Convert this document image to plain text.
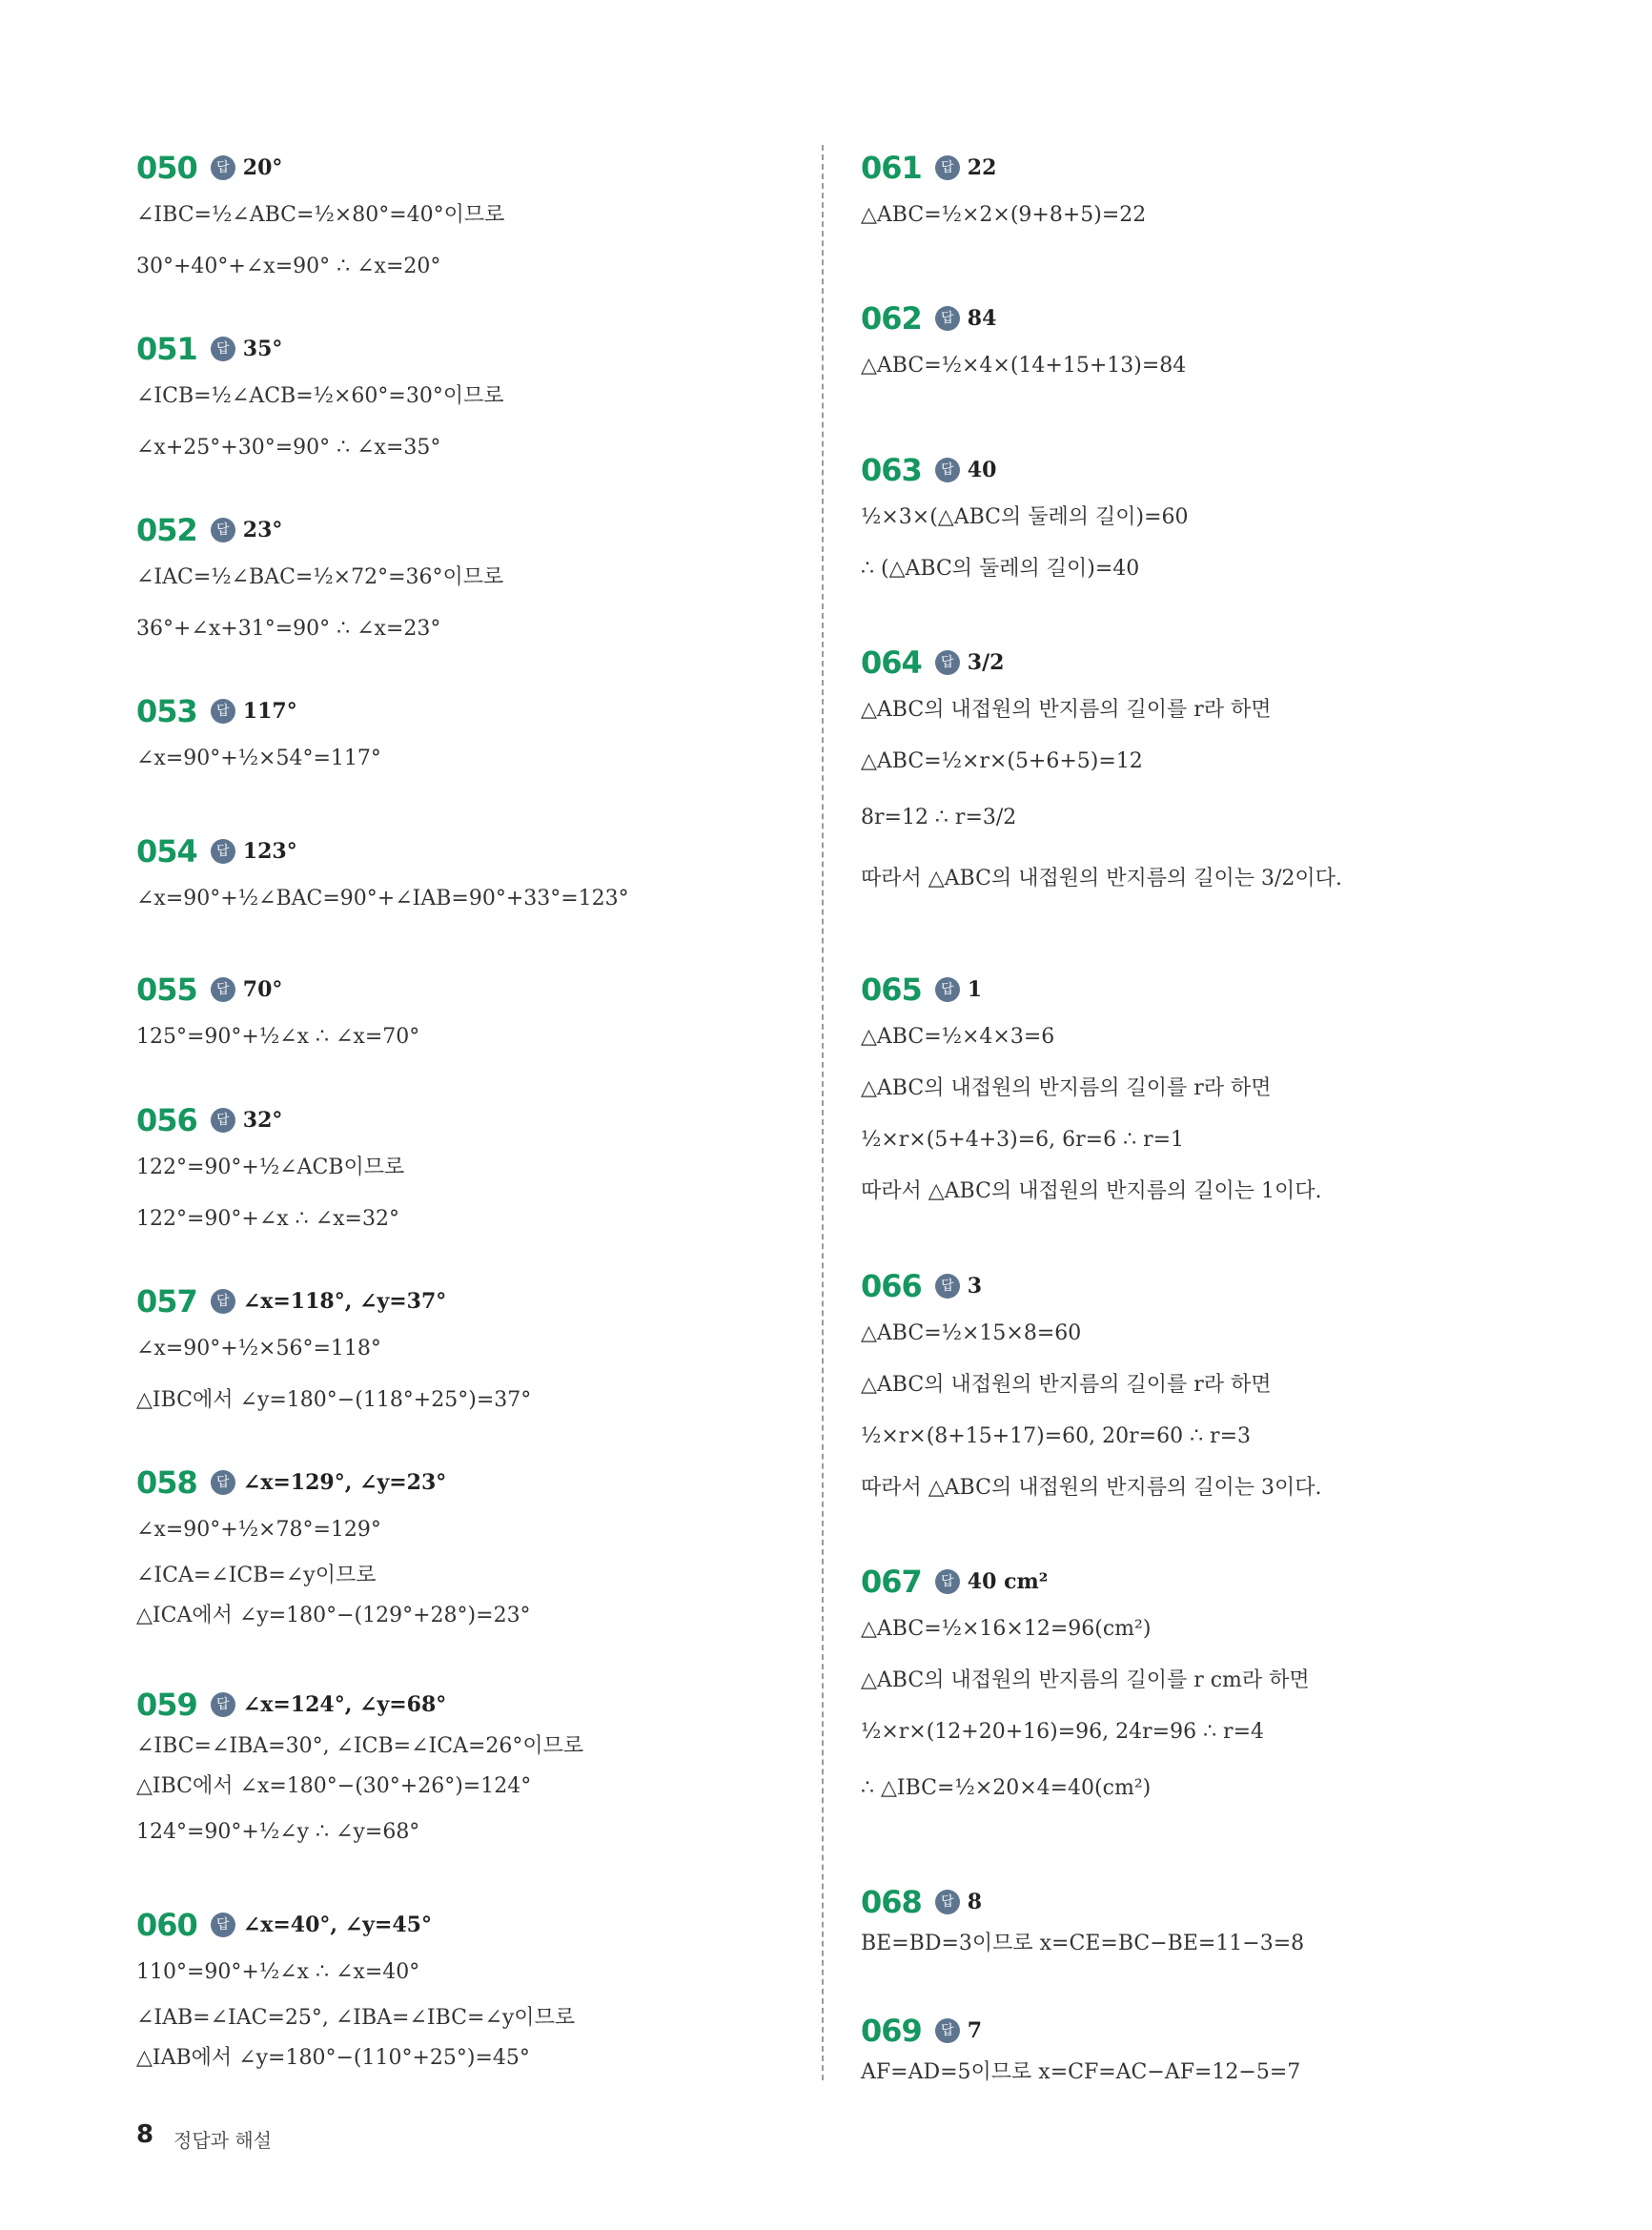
050	답 20°
∠IBC=½∠ABC=½×80°=40°이므로
30°+40°+∠x=90° ∴ ∠x=20°
051	답 35°
∠ICB=½∠ACB=½×60°=30°이므로
∠x+25°+30°=90° ∴ ∠x=35°
052	답 23°
∠IAC=½∠BAC=½×72°=36°이므로
36°+∠x+31°=90° ∴ ∠x=23°
053	답 117°
∠x=90°+½×54°=117°
054	답 123°
∠x=90°+½∠BAC=90°+∠IAB=90°+33°=123°
055	답 70°
125°=90°+½∠x ∴ ∠x=70°
056	답 32°
122°=90°+½∠ACB이므로
122°=90°+∠x ∴ ∠x=32°
057	답 ∠x=118°, ∠y=37°
∠x=90°+½×56°=118°
△IBC에서 ∠y=180°−(118°+25°)=37°
058	답 ∠x=129°, ∠y=23°
∠x=90°+½×78°=129°
∠ICA=∠ICB=∠y이므로
△ICA에서 ∠y=180°−(129°+28°)=23°
059	답 ∠x=124°, ∠y=68°
∠IBC=∠IBA=30°, ∠ICB=∠ICA=26°이므로
△IBC에서 ∠x=180°−(30°+26°)=124°
124°=90°+½∠y ∴ ∠y=68°
060	답 ∠x=40°, ∠y=45°
110°=90°+½∠x ∴ ∠x=40°
∠IAB=∠IAC=25°, ∠IBA=∠IBC=∠y이므로
△IAB에서 ∠y=180°−(110°+25°)=45°
061	답 22
△ABC=½×2×(9+8+5)=22
062	답 84
△ABC=½×4×(14+15+13)=84
063	답 40
½×3×(△ABC의 둘레의 길이)=60
∴ (△ABC의 둘레의 길이)=40
064	답 3/2
△ABC의 내접원의 반지름의 길이를 r라 하면
△ABC=½×r×(5+6+5)=12
8r=12 ∴ r=3/2
따라서 △ABC의 내접원의 반지름의 길이는 3/2이다.
065	답 1
△ABC=½×4×3=6
△ABC의 내접원의 반지름의 길이를 r라 하면
½×r×(5+4+3)=6, 6r=6 ∴ r=1
따라서 △ABC의 내접원의 반지름의 길이는 1이다.
066	답 3
△ABC=½×15×8=60
△ABC의 내접원의 반지름의 길이를 r라 하면
½×r×(8+15+17)=60, 20r=60 ∴ r=3
따라서 △ABC의 내접원의 반지름의 길이는 3이다.
067	답 40 cm²
△ABC=½×16×12=96(cm²)
△ABC의 내접원의 반지름의 길이를 r cm라 하면
½×r×(12+20+16)=96, 24r=96 ∴ r=4
∴ △IBC=½×20×4=40(cm²)
068	답 8
BE=BD=3이므로 x=CE=BC−BE=11−3=8
069	답 7
AF=AD=5이므로 x=CF=AC−AF=12−5=7
8 정답과 해설
